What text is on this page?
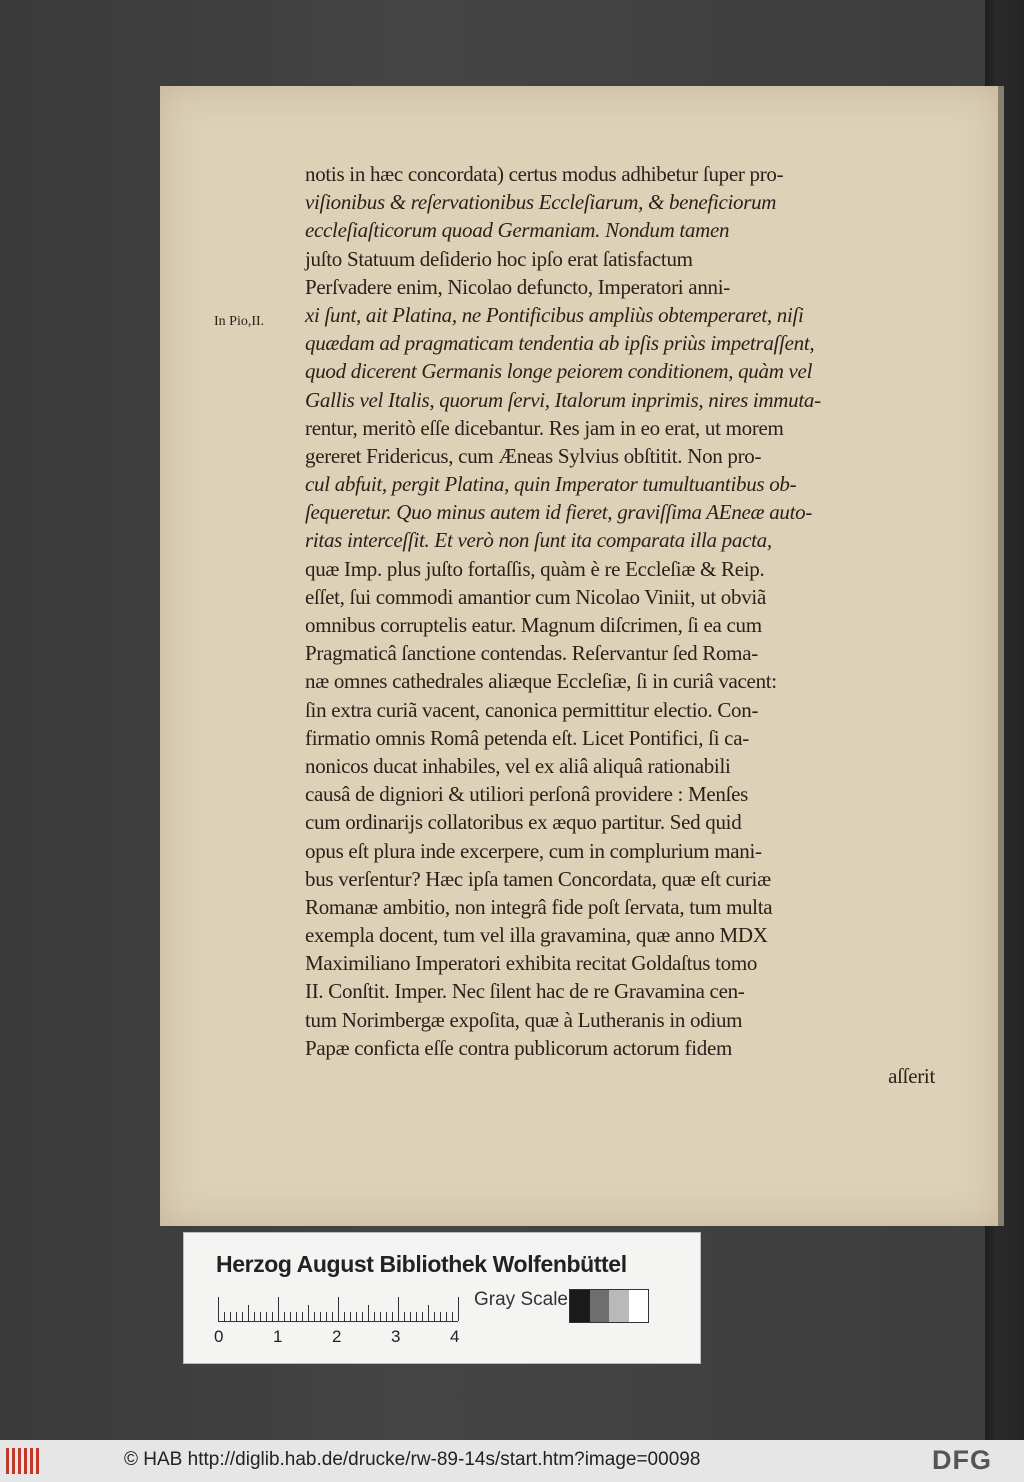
In Pio,II.
notis in hæc concordata) certus modus adhibetur ſuper pro-
viſionibus & reſervationibus Eccleſiarum, & beneficiorum
eccleſiaſticorum quoad Germaniam. Nondum tamen
juſto Statuum deſiderio hoc ipſo erat ſatisfactum
Perſvadere enim, Nicolao defuncto, Imperatori anni-
xi ſunt, ait Platina, ne Pontificibus ampliùs obtemperaret, niſi
quædam ad pragmaticam tendentia ab ipſis priùs impetraſſent,
quod dicerent Germanis longe peiorem conditionem, quàm vel
Gallis vel Italis, quorum ſervi, Italorum inprimis, nires immuta-
rentur, meritò eſſe dicebantur. Res jam in eo erat, ut morem
gereret Fridericus, cum Æneas Sylvius obſtitit. Non pro-
cul abfuit, pergit Platina, quin Imperator tumultuantibus ob-
ſequeretur. Quo minus autem id fieret, graviſſima AEneæ auto-
ritas interceſſit. Et verò non ſunt ita comparata illa pacta,
quæ Imp. plus juſto fortaſſis, quàm è re Eccleſiæ & Reip.
eſſet, ſui commodi amantior cum Nicolao Viniit, ut obviã
omnibus corruptelis eatur. Magnum diſcrimen, ſi ea cum
Pragmaticâ ſanctione contendas. Reſervantur ſed Roma-
næ omnes cathedrales aliæque Eccleſiæ, ſi in curiâ vacent:
ſin extra curiã vacent, canonica permittitur electio. Con-
firmatio omnis Româ petenda eſt. Licet Pontifici, ſi ca-
nonicos ducat inhabiles, vel ex aliâ aliquâ rationabili
causâ de digniori & utiliori perſonâ providere : Menſes
cum ordinarijs collatoribus ex æquo partitur. Sed quid
opus eſt plura inde excerpere, cum in complurium mani-
bus verſentur? Hæc ipſa tamen Concordata, quæ eſt curiæ
Romanæ ambitio, non integrâ fide poſt ſervata, tum multa
exempla docent, tum vel illa gravamina, quæ anno MDX
Maximiliano Imperatori exhibita recitat Goldaſtus tomo
II. Conſtit. Imper. Nec ſilent hac de re Gravamina cen-
tum Norimbergæ expoſita, quæ à Lutheranis in odium
Papæ conficta eſſe contra publicorum actorum fidem
aſſerit
Herzog August Bibliothek Wolfenbüttel
0	1	2	3	4
Gray Scale
© HAB http://diglib.hab.de/drucke/rw-89-14s/start.htm?image=00098	DFG
